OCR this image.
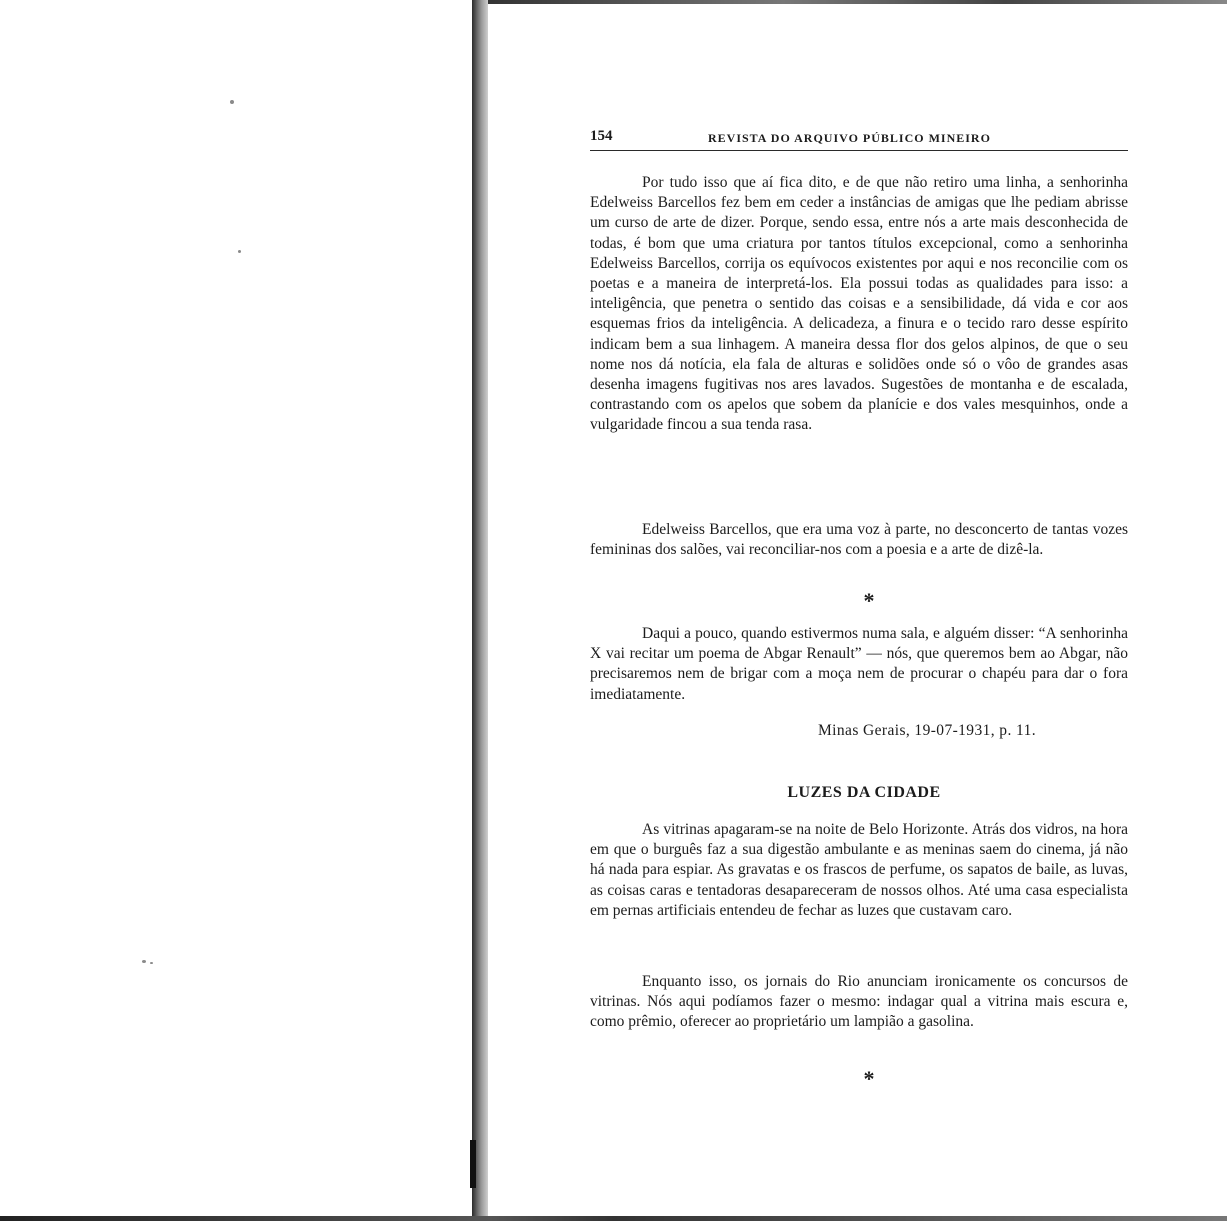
154	REVISTA DO ARQUIVO PÚBLICO MINEIRO

Por tudo isso que aí fica dito, e de que não retiro uma linha, a senhorinha Edelweiss Barcellos fez bem em ceder a instâncias de amigas que lhe pediam abrisse um curso de arte de dizer. Porque, sendo essa, entre nós a arte mais desconhecida de todas, é bom que uma criatura por tantos títulos excepcional, como a senhorinha Edelweiss Barcellos, corrija os equívocos existentes por aqui e nos reconcilie com os poetas e a maneira de interpretá-los. Ela possui todas as qualidades para isso: a inteligência, que penetra o sentido das coisas e a sensibilidade, dá vida e cor aos esquemas frios da inteligência. A delicadeza, a finura e o tecido raro desse espírito indicam bem a sua linhagem. A maneira dessa flor dos gelos alpinos, de que o seu nome nos dá notícia, ela fala de alturas e solidões onde só o vôo de grandes asas desenha imagens fugitivas nos ares lavados. Sugestões de montanha e de escalada, contrastando com os apelos que sobem da planície e dos vales mesquinhos, onde a vulgaridade fincou a sua tenda rasa.

Edelweiss Barcellos, que era uma voz à parte, no desconcerto de tantas vozes femininas dos salões, vai reconciliar-nos com a poesia e a arte de dizê-la.

*

Daqui a pouco, quando estivermos numa sala, e alguém disser: “A senhorinha X vai recitar um poema de Abgar Renault” — nós, que queremos bem ao Abgar, não precisaremos nem de brigar com a moça nem de procurar o chapéu para dar o fora imediatamente.

Minas Gerais, 19-07-1931, p. 11.
LUZES DA CIDADE

As vitrinas apagaram-se na noite de Belo Horizonte. Atrás dos vidros, na hora em que o burguês faz a sua digestão ambulante e as meninas saem do cinema, já não há nada para espiar. As gravatas e os frascos de perfume, os sapatos de baile, as luvas, as coisas caras e tentadoras desapareceram de nossos olhos. Até uma casa especialista em pernas artificiais entendeu de fechar as luzes que custavam caro.

Enquanto isso, os jornais do Rio anunciam ironicamente os concursos de vitrinas. Nós aqui podíamos fazer o mesmo: indagar qual a vitrina mais escura e, como prêmio, oferecer ao proprietário um lampião a gasolina.

*
